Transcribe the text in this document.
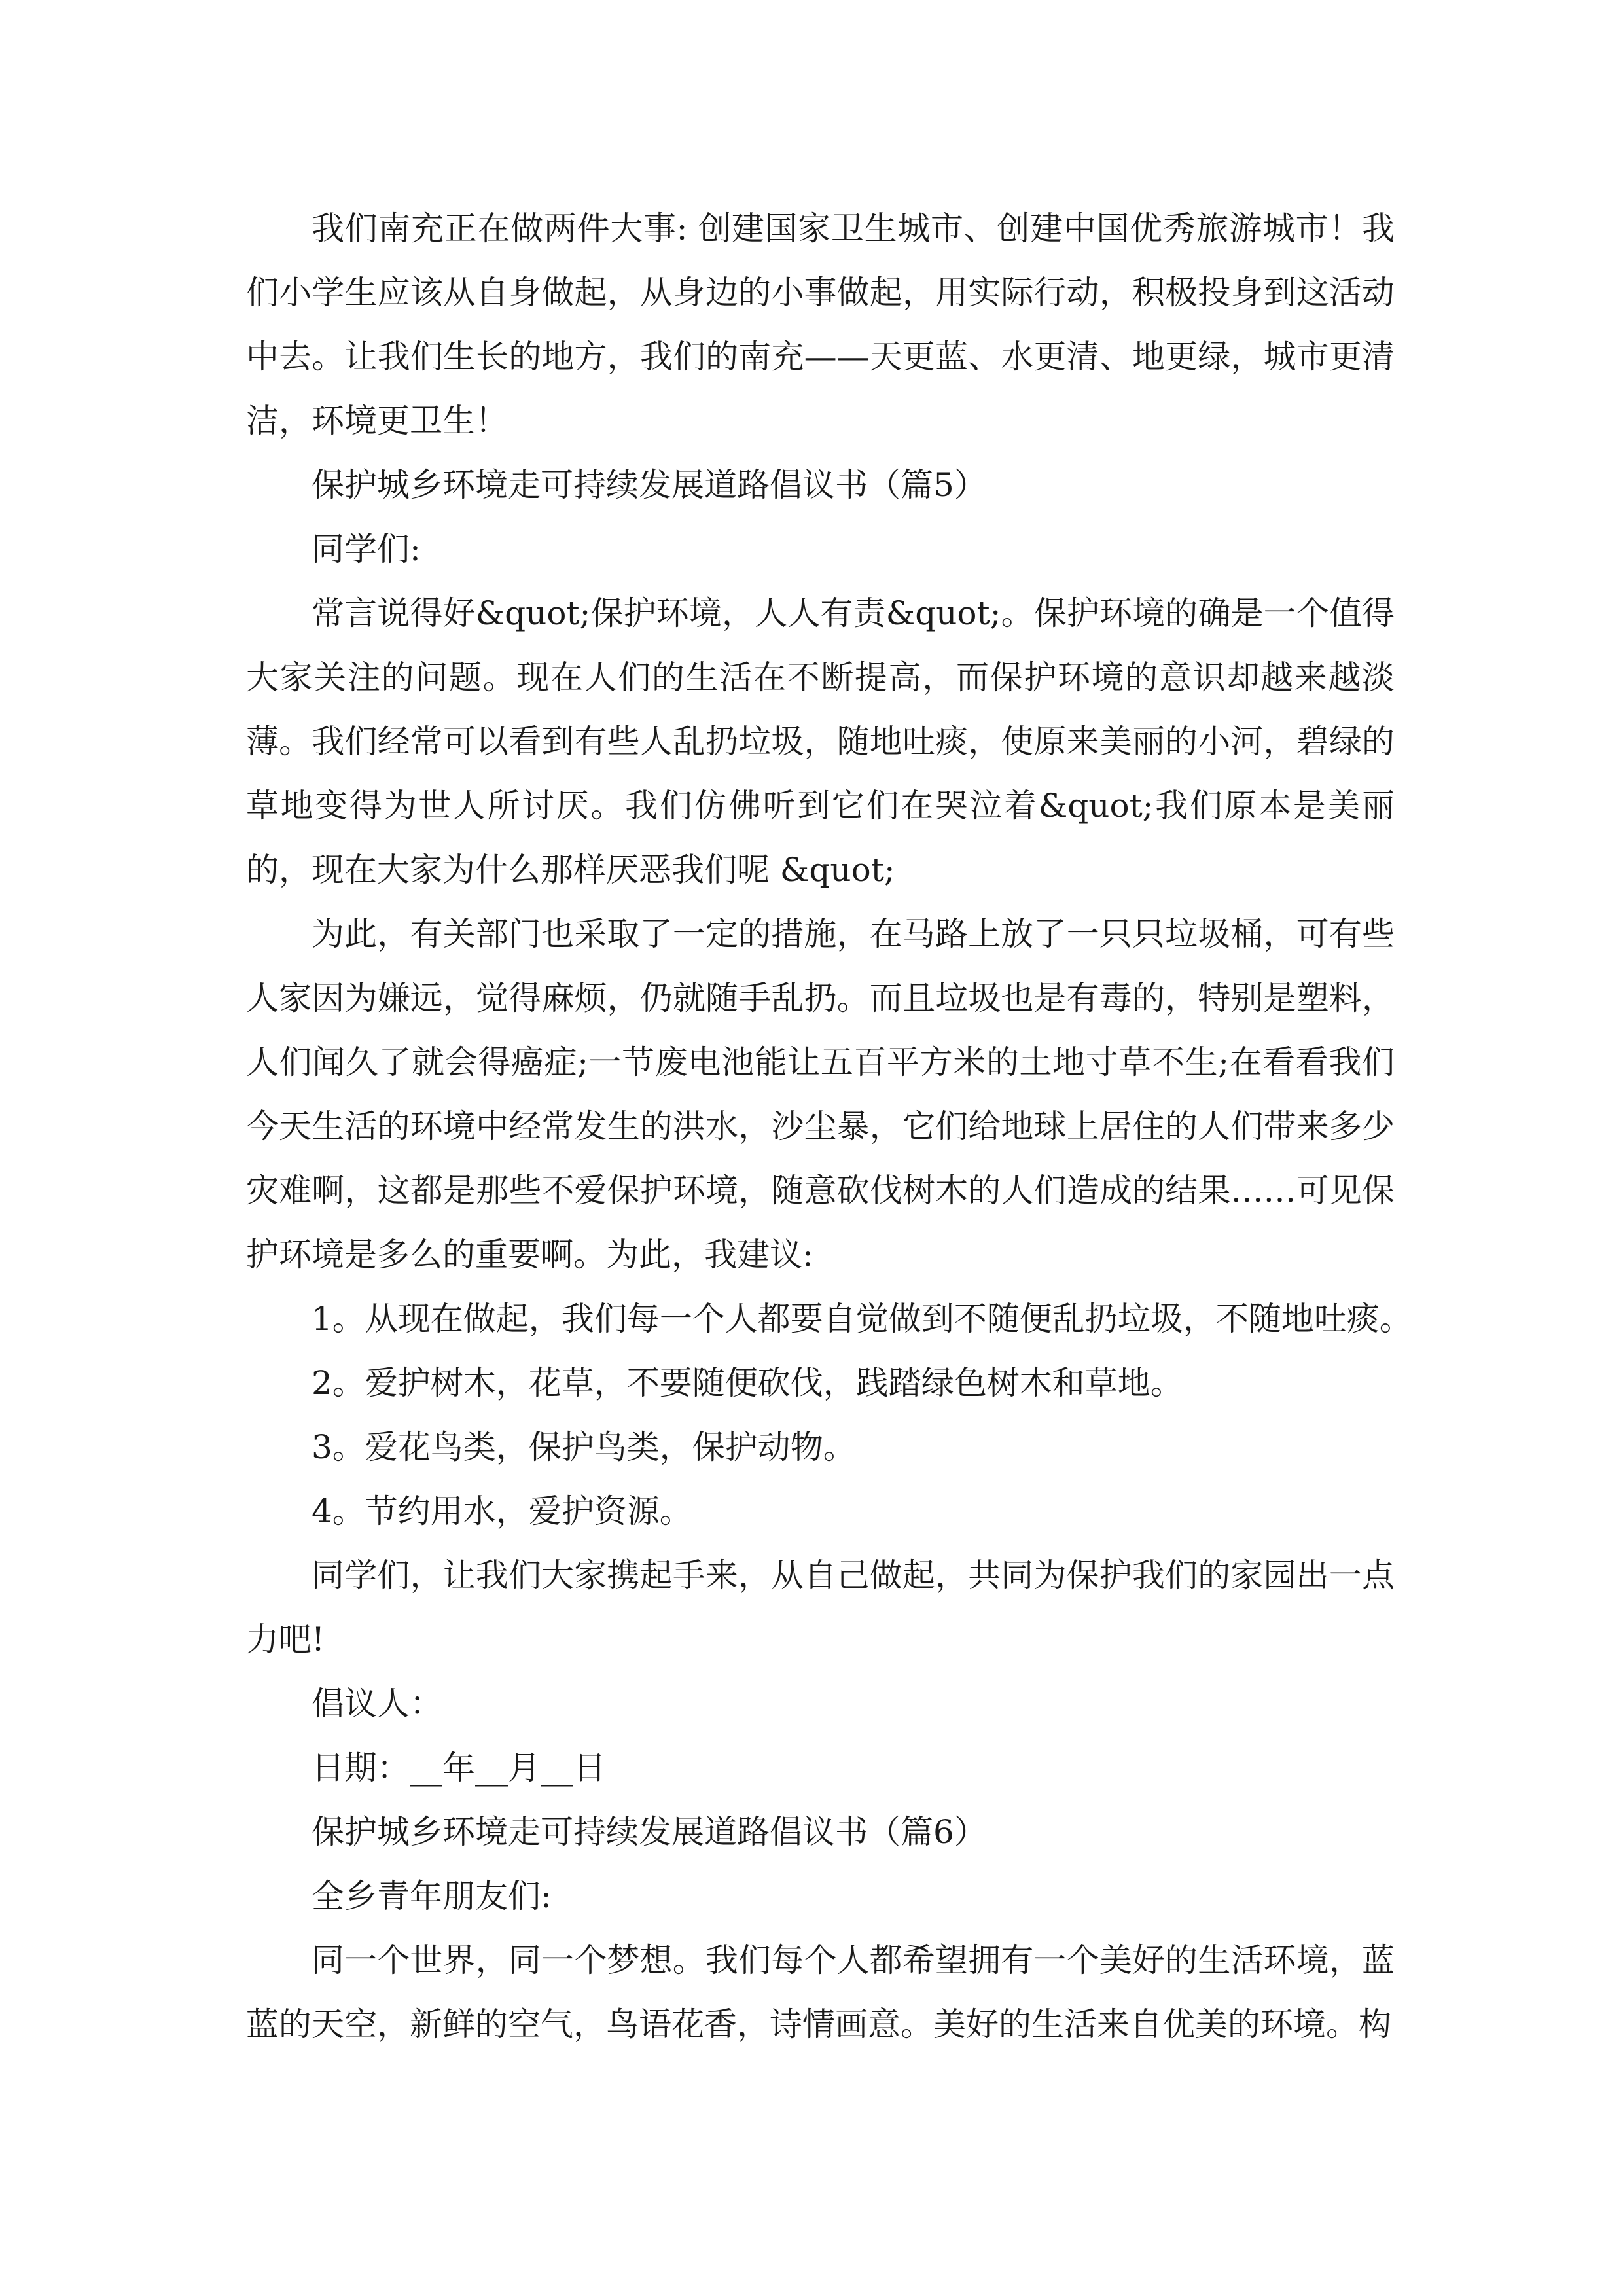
我们南充正在做两件大事: 创建国家卫生城市、创建中国优秀旅游城市！我们小学生应该从自身做起，从身边的小事做起，用实际行动，积极投身到这活动中去。让我们生长的地方，我们的南充——天更蓝、水更清、地更绿，城市更清洁，环境更卫生！

保护城乡环境走可持续发展道路倡议书（篇5）

同学们:

常言说得好&quot;保护环境，人人有责&quot;。保护环境的确是一个值得大家关注的问题。现在人们的生活在不断提高，而保护环境的意识却越来越淡薄。我们经常可以看到有些人乱扔垃圾，随地吐痰，使原来美丽的小河，碧绿的草地变得为世人所讨厌。我们仿佛听到它们在哭泣着&quot;我们原本是美丽的，现在大家为什么那样厌恶我们呢 &quot;

为此，有关部门也采取了一定的措施，在马路上放了一只只垃圾桶，可有些人家因为嫌远，觉得麻烦，仍就随手乱扔。而且垃圾也是有毒的，特别是塑料，人们闻久了就会得癌症;一节废电池能让五百平方米的土地寸草不生;在看看我们今天生活的环境中经常发生的洪水，沙尘暴，它们给地球上居住的人们带来多少灾难啊，这都是那些不爱保护环境，随意砍伐树木的人们造成的结果……可见保护环境是多么的重要啊。为此，我建议:

1。从现在做起，我们每一个人都要自觉做到不随便乱扔垃圾，不随地吐痰。

2。爱护树木，花草，不要随便砍伐，践踏绿色树木和草地。

3。爱花鸟类，保护鸟类，保护动物。

4。节约用水，爱护资源。

同学们，让我们大家携起手来，从自己做起，共同为保护我们的家园出一点力吧!

倡议人：

日期：__年__月__日

保护城乡环境走可持续发展道路倡议书（篇6）

全乡青年朋友们:

同一个世界，同一个梦想。我们每个人都希望拥有一个美好的生活环境，蓝蓝的天空，新鲜的空气，鸟语花香，诗情画意。美好的生活来自优美的环境。构
